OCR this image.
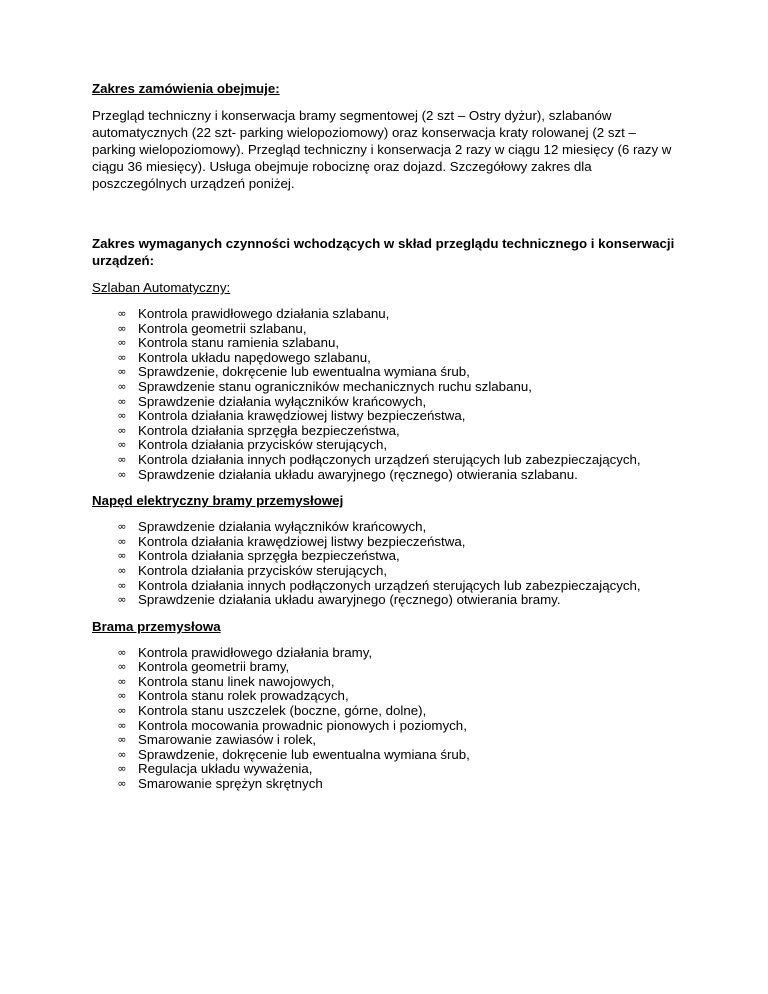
Zakres zamówienia obejmuje:

Przegląd techniczny i konserwacja bramy segmentowej (2 szt – Ostry dyżur), szlabanów automatycznych (22 szt- parking wielopoziomowy) oraz konserwacja kraty rolowanej (2 szt – parking wielopoziomowy). Przegląd techniczny i konserwacja 2 razy w ciągu 12 miesięcy (6 razy w ciągu 36 miesięcy). Usługa obejmuje robociznę oraz dojazd. Szczegółowy zakres dla poszczególnych urządzeń poniżej.

Zakres wymaganych czynności wchodzących w skład przeglądu technicznego i konserwacji urządzeń:

Szlaban Automatyczny:

∞ Kontrola prawidłowego działania szlabanu,
∞ Kontrola geometrii szlabanu,
∞ Kontrola stanu ramienia szlabanu,
∞ Kontrola układu napędowego szlabanu,
∞ Sprawdzenie, dokręcenie lub ewentualna wymiana śrub,
∞ Sprawdzenie stanu ograniczników mechanicznych ruchu szlabanu,
∞ Sprawdzenie działania wyłączników krańcowych,
∞ Kontrola działania krawędziowej listwy bezpieczeństwa,
∞ Kontrola działania sprzęgła bezpieczeństwa,
∞ Kontrola działania przycisków sterujących,
∞ Kontrola działania innych podłączonych urządzeń sterujących lub zabezpieczających,
∞ Sprawdzenie działania układu awaryjnego (ręcznego) otwierania szlabanu.

Napęd elektryczny bramy przemysłowej

∞ Sprawdzenie działania wyłączników krańcowych,
∞ Kontrola działania krawędziowej listwy bezpieczeństwa,
∞ Kontrola działania sprzęgła bezpieczeństwa,
∞ Kontrola działania przycisków sterujących,
∞ Kontrola działania innych podłączonych urządzeń sterujących lub zabezpieczających,
∞ Sprawdzenie działania układu awaryjnego (ręcznego) otwierania bramy.

Brama przemysłowa

∞ Kontrola prawidłowego działania bramy,
∞ Kontrola geometrii bramy,
∞ Kontrola stanu linek nawojowych,
∞ Kontrola stanu rolek prowadzących,
∞ Kontrola stanu uszczelek (boczne, górne, dolne),
∞ Kontrola mocowania prowadnic pionowych i poziomych,
∞ Smarowanie zawiasów i rolek,
∞ Sprawdzenie, dokręcenie lub ewentualna wymiana śrub,
∞ Regulacja układu wyważenia,
∞ Smarowanie sprężyn skrętnych
